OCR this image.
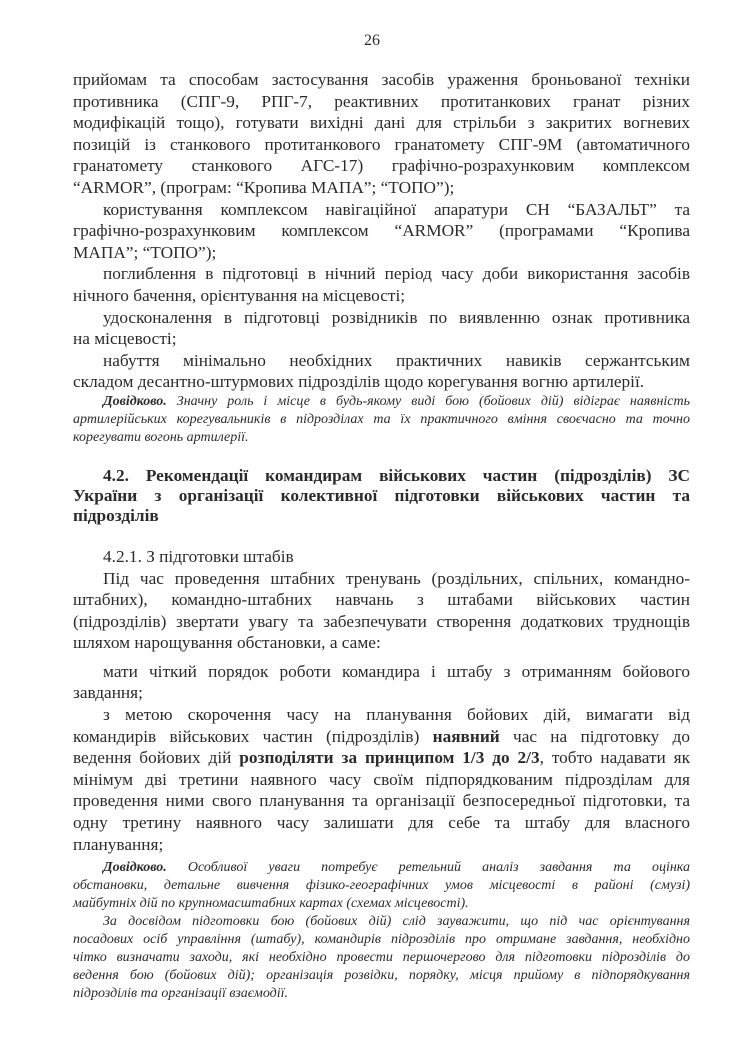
26
прийомам та способам застосування засобів ураження броньованої техніки
противника (СПГ-9, РПГ-7, реактивних протитанкових гранат різних
модифікацій тощо), готувати вихідні дані для стрільби з закритих вогневих
позицій із станкового протитанкового гранатомету СПГ-9М (автоматичного
гранатомету станкового АГС-17) графічно-розрахунковим комплексом
“ARMOR”, (програм: “Кропива МАПА”; “ТОПО”);
користування комплексом навігаційної апаратури СН “БАЗАЛЬТ” та
графічно-розрахунковим комплексом “ARMOR” (програмами “Кропива
МАПА”; “ТОПО”);
поглиблення в підготовці в нічний період часу доби використання засобів
нічного бачення, орієнтування на місцевості;
удосконалення в підготовці розвідників по виявленню ознак противника
на місцевості;
набуття мінімально необхідних практичних навиків сержантським
складом десантно-штурмових підрозділів щодо корегування вогню артилерії.
Довідково. Значну роль і місце в будь-якому виді бою (бойових дій) відіграє наявність
артилерійських корегувальників в підрозділах та їх практичного вміння своєчасно та точно
корегувати вогонь артилерії.
4.2. Рекомендації командирам військових частин (підрозділів) ЗС
України з організації колективної підготовки військових частин та
підрозділів
4.2.1. З підготовки штабів
Під час проведення штабних тренувань (роздільних, спільних, командно-
штабних), командно-штабних навчань з штабами військових частин
(підрозділів) звертати увагу та забезпечувати створення додаткових труднощів
шляхом нарощування обстановки, а саме:
мати чіткий порядок роботи командира і штабу з отриманням бойового
завдання;
з метою скорочення часу на планування бойових дій, вимагати від
командирів військових частин (підрозділів) наявний час на підготовку до
ведення бойових дій розподіляти за принципом 1/3 до 2/3, тобто надавати як
мінімум дві третини наявного часу своїм підпорядкованим підрозділам для
проведення ними свого планування та організації безпосередньої підготовки, та
одну третину наявного часу залишати для себе та штабу для власного
планування;
Довідково. Особливої уваги потребує ретельний аналіз завдання та оцінка
обстановки, детальне вивчення фізико-географічних умов місцевості в районі (смузі)
майбутніх дій по крупномасштабних картах (схемах місцевості).
За досвідом підготовки бою (бойових дій) слід зауважити, що під час орієнтування
посадових осіб управління (штабу), командирів підрозділів про отримане завдання, необхідно
чітко визначати заходи, які необхідно провести першочергово для підготовки підрозділів до
ведення бою (бойових дій); організація розвідки, порядку, місця прийому в підпорядкування
підрозділів та організації взаємодії.
